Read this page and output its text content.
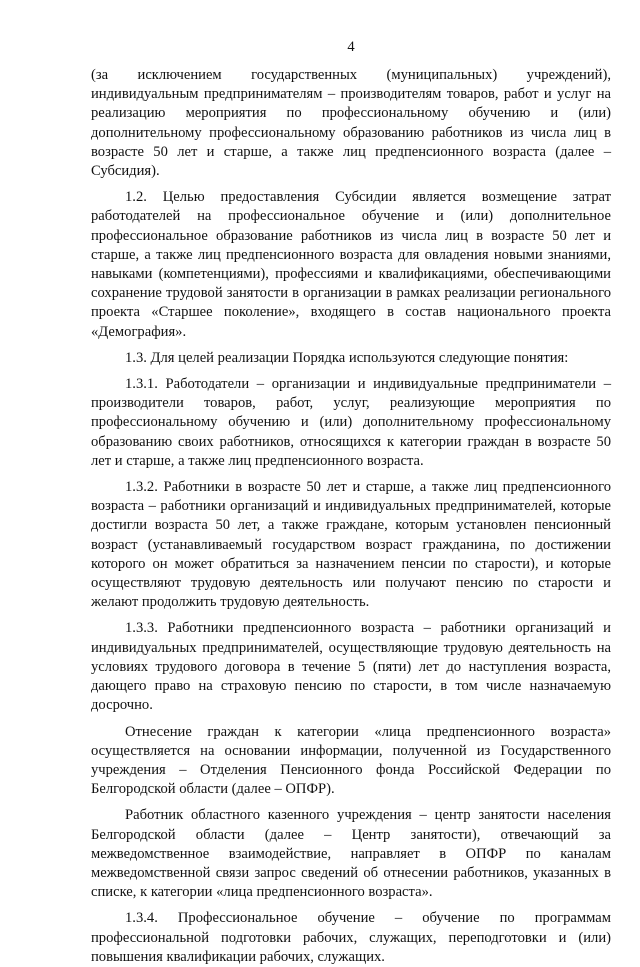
4

(за исключением государственных (муниципальных) учреждений), индивидуальным предпринимателям – производителям товаров, работ и услуг на реализацию мероприятия по профессиональному обучению и (или) дополнительному профессиональному образованию работников из числа лиц в возрасте 50 лет и старше, а также лиц предпенсионного возраста (далее – Субсидия).

1.2. Целью предоставления Субсидии является возмещение затрат работодателей на профессиональное обучение и (или) дополнительное профессиональное образование работников из числа лиц в возрасте 50 лет и старше, а также лиц предпенсионного возраста для овладения новыми знаниями, навыками (компетенциями), профессиями и квалификациями, обеспечивающими сохранение трудовой занятости в организации в рамках реализации регионального проекта «Старшее поколение», входящего в состав национального проекта «Демография».

1.3. Для целей реализации Порядка используются следующие понятия:

1.3.1. Работодатели – организации и индивидуальные предприниматели – производители товаров, работ, услуг, реализующие мероприятия по профессиональному обучению и (или) дополнительному профессиональному образованию своих работников, относящихся к категории граждан в возрасте 50 лет и старше, а также лиц предпенсионного возраста.

1.3.2. Работники в возрасте 50 лет и старше, а также лиц предпенсионного возраста – работники организаций и индивидуальных предпринимателей, которые достигли возраста 50 лет, а также граждане, которым установлен пенсионный возраст (устанавливаемый государством возраст гражданина, по достижении которого он может обратиться за назначением пенсии по старости), и которые осуществляют трудовую деятельность или получают пенсию по старости и желают продолжить трудовую деятельность.

1.3.3. Работники предпенсионного возраста – работники организаций и индивидуальных предпринимателей, осуществляющие трудовую деятельность на условиях трудового договора в течение 5 (пяти) лет до наступления возраста, дающего право на страховую пенсию по старости, в том числе назначаемую досрочно.

Отнесение граждан к категории «лица предпенсионного возраста» осуществляется на основании информации, полученной из Государственного учреждения – Отделения Пенсионного фонда Российской Федерации по Белгородской области (далее – ОПФР).

Работник областного казенного учреждения – центр занятости населения Белгородской области (далее – Центр занятости), отвечающий за межведомственное взаимодействие, направляет в ОПФР по каналам межведомственной связи запрос сведений об отнесении работников, указанных в списке, к категории «лица предпенсионного возраста».

1.3.4. Профессиональное обучение – обучение по программам профессиональной подготовки рабочих, служащих, переподготовки и (или) повышения квалификации рабочих, служащих.
